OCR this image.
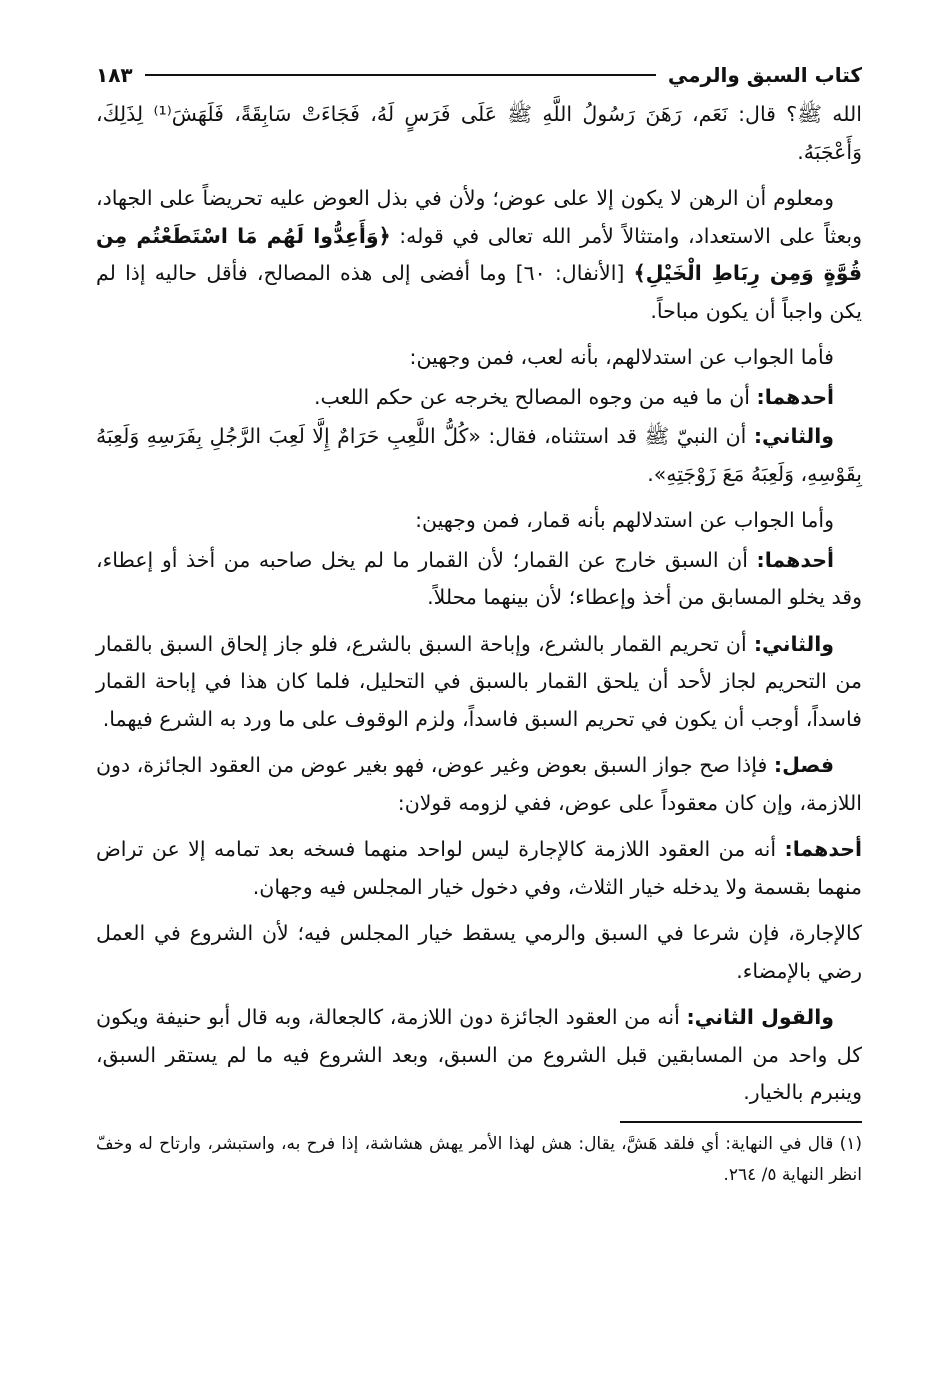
كتاب السبق والرمي
١٨٣

الله ﷺ؟ قال: نَعَم، رَهَنَ رَسُولُ اللَّهِ ﷺ عَلَى فَرَسٍ لَهُ، فَجَاءَتْ سَابِقَةً، فَلَهَشَ⁽¹⁾ لِذَلِكَ، وَأَعْجَبَهُ.

ومعلوم أن الرهن لا يكون إلا على عوض؛ ولأن في بذل العوض عليه تحريضاً على الجهاد، وبعثاً على الاستعداد، وامتثالاً لأمر الله تعالى في قوله: ﴿وَأَعِدُّوا لَهُم مَا اسْتَطَعْتُم مِن قُوَّةٍ وَمِن رِبَاطِ الْخَيْلِ﴾ [الأنفال: ٦٠] وما أفضى إلى هذه المصالح، فأقل حاليه إذا لم يكن واجباً أن يكون مباحاً.

فأما الجواب عن استدلالهم، بأنه لعب، فمن وجهين:

أحدهما: أن ما فيه من وجوه المصالح يخرجه عن حكم اللعب.

والثاني: أن النبيّ ﷺ قد استثناه، فقال: «كُلُّ اللَّعِبِ حَرَامٌ إِلَّا لَعِبَ الرَّجُلِ بِفَرَسِهِ وَلَعِبَهُ بِقَوْسِهِ، وَلَعِبَهُ مَعَ زَوْجَتِهِ».

وأما الجواب عن استدلالهم بأنه قمار، فمن وجهين:

أحدهما: أن السبق خارج عن القمار؛ لأن القمار ما لم يخل صاحبه من أخذ أو إعطاء، وقد يخلو المسابق من أخذ وإعطاء؛ لأن بينهما محللاً.

والثاني: أن تحريم القمار بالشرع، وإباحة السبق بالشرع، فلو جاز إلحاق السبق بالقمار من التحريم لجاز لأحد أن يلحق القمار بالسبق في التحليل، فلما كان هذا في إباحة القمار فاسداً، أوجب أن يكون في تحريم السبق فاسداً، ولزم الوقوف على ما ورد به الشرع فيهما.

فصل: فإذا صح جواز السبق بعوض وغير عوض، فهو بغير عوض من العقود الجائزة، دون اللازمة، وإن كان معقوداً على عوض، ففي لزومه قولان:

أحدهما: أنه من العقود اللازمة كالإجارة ليس لواحد منهما فسخه بعد تمامه إلا عن تراض منهما بقسمة ولا يدخله خيار الثلاث، وفي دخول خيار المجلس فيه وجهان.

كالإجارة، فإن شرعا في السبق والرمي يسقط خيار المجلس فيه؛ لأن الشروع في العمل رضي بالإمضاء.

والقول الثاني: أنه من العقود الجائزة دون اللازمة، كالجعالة، وبه قال أبو حنيفة ويكون كل واحد من المسابقين قبل الشروع من السبق، وبعد الشروع فيه ما لم يستقر السبق، وينبرم بالخيار.

(١) قال في النهاية: أي فلقد هَشَّ، يقال: هش لهذا الأمر يهش هشاشة، إذا فرح به، واستبشر، وارتاح له وخفّ انظر النهاية ٥/ ٢٦٤.
